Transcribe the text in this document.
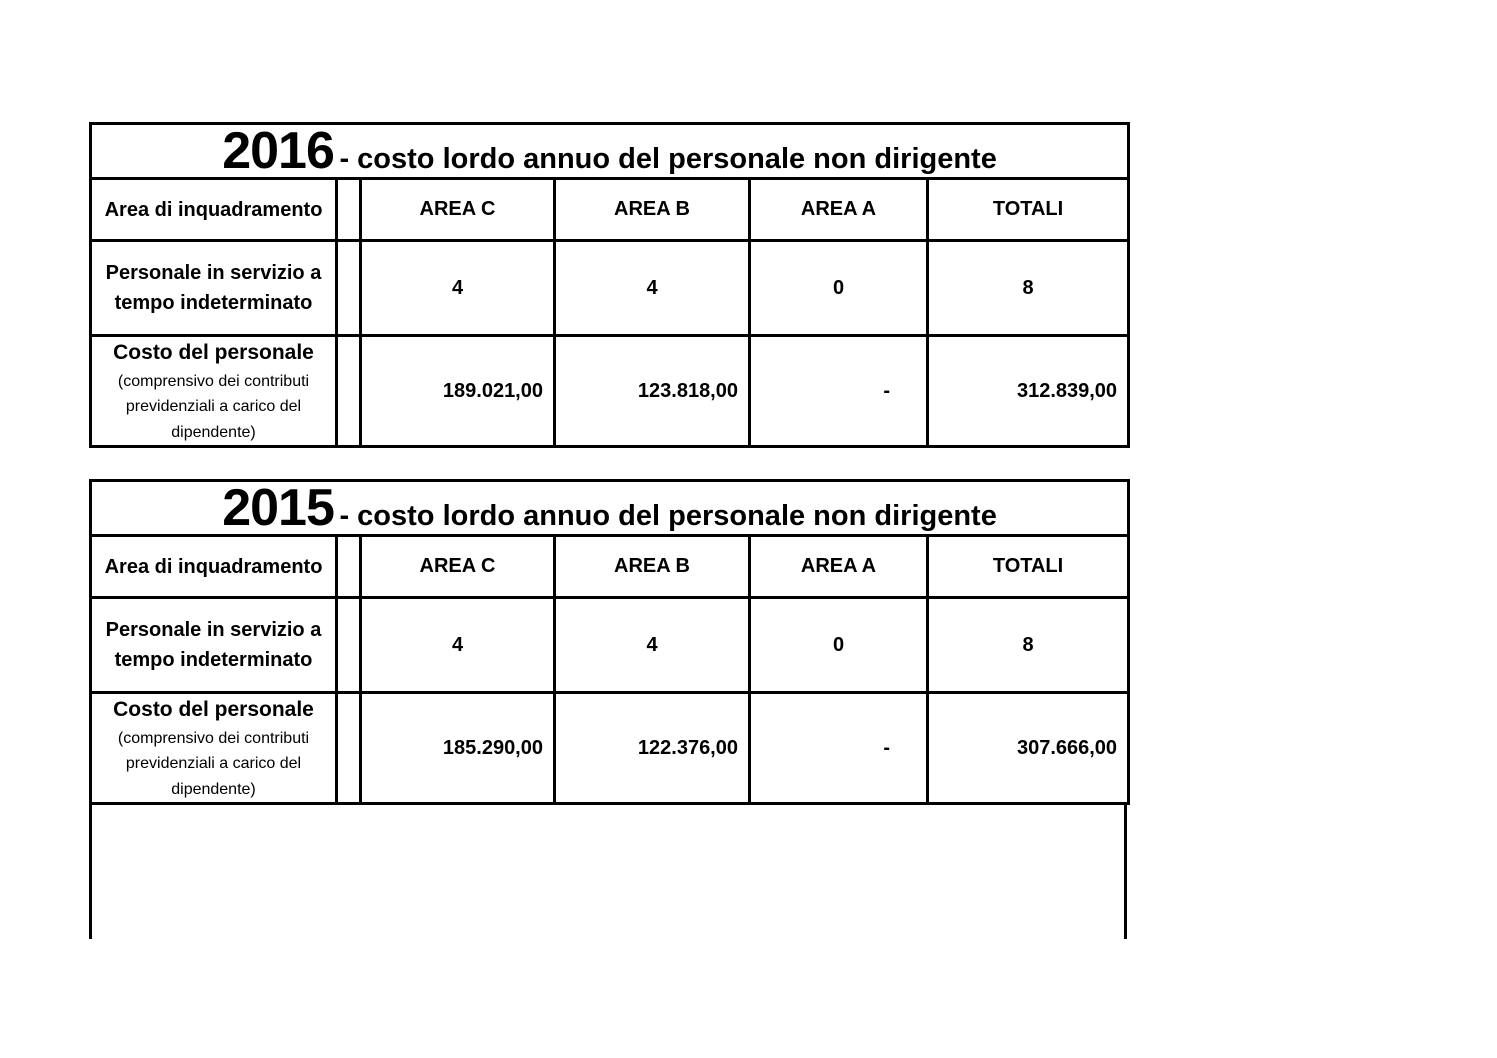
2016 - costo lordo annuo del personale non dirigente					
Area di inquadramento		AREA C	AREA B	AREA A	TOTALI
Personale in servizio a tempo indeterminato		4	4	0	8

Costo del personale
(comprensivo dei contributi previdenziali a carico del dipendente)		189.021,00	123.818,00	-	312.839,00
2015 - costo lordo annuo del personale non dirigente					
Area di inquadramento		AREA C	AREA B	AREA A	TOTALI
Personale in servizio a tempo indeterminato		4	4	0	8

Costo del personale
(comprensivo dei contributi previdenziali a carico del dipendente)		185.290,00	122.376,00	-	307.666,00
